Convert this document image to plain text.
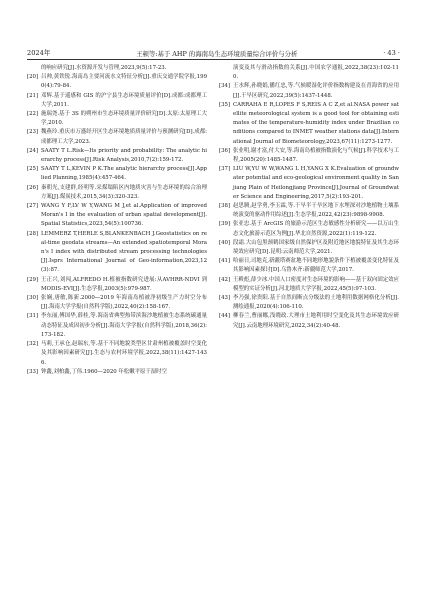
2024年	王顿等:基于 AHP 的海南岛生态环境质量综合评价与分析	· 43 ·
的响应研究[J].水资源开发与管理,2023,9(5):17-23.
[20] 吕帅,黄铁锐.海南岛主要河流水文特征分析[J].重庆交通学院学报,1990(4):79-84.
[21] 邓辉.基于遥感和 GIS 的沪宁县生态环境质量评价[D].成都:成都理工大学,2011.
[22] 施瑞尧.基于 3S 的朔州市生态环境质量评价研究[D].太原:太原理工大学,2010.
[23] 魏燕玲.重庆市万盛经开区生态环境地质质量评价与预测研究[D].成都:成都理工大学,2023.
[24] SAATY T L.Risk—Its priority and probability: The analytic hierarchy process[J].Risk Analysis,2010,7(2):159-172.
[25] SAATY T L,KEVIN P K.The analytic hierarchy process[J].Applied Planning,1985(4):457-464.
[26] 秦朝光,支建群,经明等.采煤塌陷区内地质灾害与生态环境的综合治理方案[J].煤炭技术,2015,34(3):320-323.
[27] WANG Y F,LV W Y,WANG M J,et al.Application of improved Moran's I in the evaluation of urban spatial development[J].Spatial Statistics,2023,54(5):100736.
[28] LEMMERZ T,HERLE S,BLANKENBACH J.Geostatistics on real-time geodata streams—An extended spatiotemporal Moran's I index with distributed stream processing technologies[J].Isprs International Journal of Geo-information,2023,12(3):87.
[29] 王正兴,刘闯,ALFREDO H.植被指数研究进展:从AVHRR-NDVI 到 MODIS-EVI[J].生态学报,2003(5):979-987.
[30] 张娴,唐敏,陈新.2000—2019 年海南岛植被净初级生产力时空分布[J].海南大学学报(自然科学版),2022,40(2):158-167.
[31] 李东丽,傅国华,薛桂,等.海南省典型热带滨海沙地植被生态系统碳通量动态特征及成因初步分析[J].海南大学学报(自然科学版),2018,36(2):173-182.
[32] 马莉,王承仓,赵瑞东,等.基于不同地貌类型区甘肃州植被覆盖时空变化及其影响因素研究[J].生态与农村环境学报,2022,38(11):1427-1436.
[33] 钟鑫,刘柏鑫,丁伟.1960—2020 年松嫩平原干湿时空
演变及其与滑动指数的关系[J].中国农学通报,2022,38(23):102-110.
[34] 王水辉,孙晓娟,播红忠,等.气候暖湿化评价指数构建及在青海省的应用[J].干旱区研究,2022,39(5):1437-1448.
[35] CARRAHA E R,LOPES F S,REIS A C Z,et al.NASA power satellite meteorological system is a good tool for obtaining estimates of the temperature-humidity index under Brazilian conditions compared to INMET weather stations data[J].International Journal of Biometeorology,2023,67(11):1273-1277.
[36] 张业明,谢才富,付大安,等.海南岛植被指数演化与气候[J].科学技术与工程,2005(20):1485-1487.
[37] LIU W,YU W W,WANG L H,YANG X K.Evaluation of groundwater potential and eco-geological environment quality in Sanjiang Plain of Heilongjiang Province[J].Journal of Groundwater Science and Engineering,2017,5(2):193-201.
[38] 赵思腾,赵学勇,李玉霖,等.干旱半干旱区地下水埋深对沙地植物土壤系统演变的驱动作用综述[J].生态学报,2022,42(23):9898-9908.
[39] 张亚忠.基于 ArcGIS 的旅游示范区生态敏感性分析研究——以万山生态文化旅游示范区为例[J].华北自然资源,2022(1):119-122.
[40] 段霜.大山包黑颈鹤国家级自然保护区及附近地区地貌特征及其生态环境效应研究[D].昆明:云南师范大学,2021.
[41] 哈丽日,司地克,新疆塔赛盆地不同地形地貌条件下植被覆盖变化特征及其影响因素探讨[D].乌鲁木齐:新疆师范大学,2017.
[42] 王殿彪,薛少冰.中国人口密度对生态环境的影响——基于双向固定效应模型的实证分析[J].河北地质大学学报,2022,45(5):97-103.
[43] 李乃强,徐贵阳.基于自然间断点分级法的土地利用数据网格化分析[J].测绘通报,2020(4):106-110.
[44] 柳春兰,曹丽娜,浅晓政.大理市土地利用时空变化及其生态环境效应研究[J].云南地理环境研究,2022,34(2):40-48.
